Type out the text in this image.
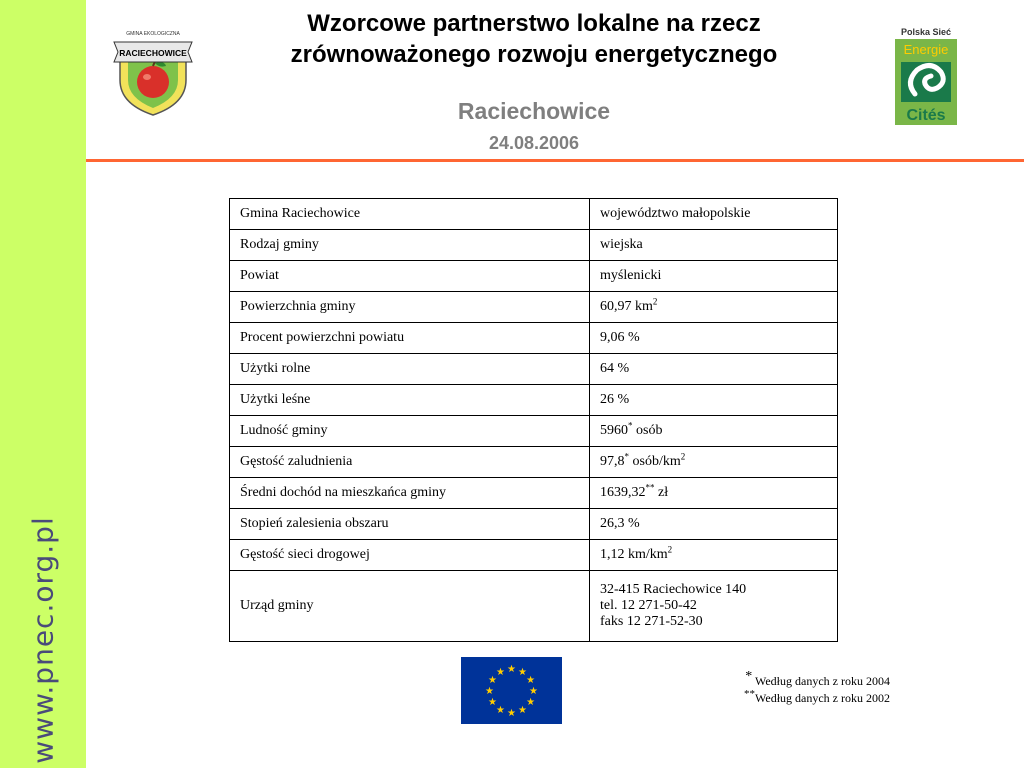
www.pnec.org.pl
RACIECHOWICE
GMINA EKOLOGICZNA	Wzorcowe partnerstwo lokalne na rzecz
zrównoważonego rozwoju energetycznego
Raciechowice
24.08.2006
Polska Sieć
Energie
Cités
Gmina Raciechowice	województwo małopolskie
Rodzaj gminy	wiejska
Powiat	myślenicki
Powierzchnia gminy	60,97 $km^2$
Procent powierzchni powiatu	9,06 %
Użytki rolne	64 %
Użytki leśne	26 %
Ludność gminy	5960* osób
Gęstość zaludnienia	97,8* osób/$km^2$
Średni dochód na mieszkańca gminy	1639,32** zł
Stopień zalesienia obszaru	26,3 %
Gęstość sieci drogowej	1,12 $km/km^2$
Urząd gminy	32-415 Raciechowice 140
tel. 12 271-50-42
faks 12 271-52-30
★ ★
★
★
★
★
★
★
★
★
★
★	* Według danych z roku 2004
**Według danych z roku 2002
